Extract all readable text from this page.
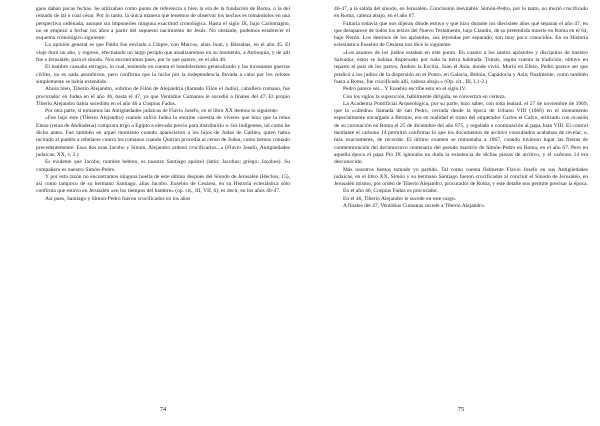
gaos daban pocas fechas. Se utilizaban como punto de referencia o bien la era de la fundación de Roma, o la del reinado de tal o cual césar. Por lo tanto, la única manera que tenemos de observar los hechos es tomándolos en una perspectiva ordenada, aunque sin imponerles ninguna exactitud cronológica. Hasta el siglo IX, bajo Carlomagno, no se empezó a fechar los años a partir del supuesto nacimiento de Jesús. No obstante, podemos establecer el esquema cronológico siguiente:

La opinión general es que Pablo fue enviado a Chipre, con Marcos, alias Juan, y Bársabas, en el año 45. El viaje duró un año, y regresó, efectuando un largo periplo que atualizaremos en su momento, a Antioquía, y de allí fue a Jerusalén, para el sínodo. Nos encontramos pues, por lo que parece, en el año 46.

El hambre causaba estragos, lo cual, teniendo en cuenta el bandolerismo generalizado y las incesantes guerras civiles, no es nada asombroso, pero confirma que la lucha por la independencia llevada a cabo por los celotes simplemente se había extendido.

Ahora bien, Tiberio Alejandro, sobrino de Filón de Alejandría (llamado Filón el Judío), caballero romano, fue procurador en Judea en el año 46, hasta el 47, ya que Ventidius Cumanus le sucedió a finales del 47. El propio Tiberio Alejandro había sucedido en el año 46 a Cuspius Fadus.

Por otra parte, si tomamos las Antigüedades judaicas de Flavio Josefo, en el libro XX leemos lo siguiente:

«Fue bajo éste (Tiberio Alejandro) cuando sufrió Judea la enorme carestía de víveres que hizo que la reina Elena (reina de Abdiadena) comprara trigo a Egipto a elevado precio para distribuirlo a -los indigentes, tal como he dicho antes. Fue también en aquel momento cuando aparecieron a los hijos de Judas de Galilea, quien había incitado al pueblo a rebelarse contra los romanos cuando Quirino procedía al censo de Judea, como hemos contado precedentemente. Esos dos eran Jacobo y Simón. Alejandro ordenó crucificarlos...» (Flavio Josefo, Antigüedades judaicas, XX, v, 2.)

Es evidente que Jacobo, nombre hebreo, es nuestro Santiago apóstol (latín: Jacobus; griego: Jacobos). Su compañero es nuestro Simón-Pedro.

Y por esta razón no encontramos ninguna huella de este último después del Sínodo de Jerusalén (Hechos, 15), así como tampoco de su hermano Santiago, alias Jacobo. Eusebio de Cesárea, en su Historia eclesiástica sólo confirma que estuvo en Jerusalén «en los tiempos del hambre» (op. cit., III, VII, 6), es decir, en los años 46-47.

Así pues, Santiago y Simón-Pedro fueron crucificados en los años

74

46-47, a la salida del sínodo, en Jerusalén. Conclusión inevitable: Simón-Pedro, por lo tanto, no murió crucificado en Roma, cabeza abajo, en el año 67.

Faltaría todavía que nos dijeran dónde estuvo y qué hizo durante los diecisiete años que separan el año 47, en que desaparece de todos los textos del Nuevo Testamento, bajo Claudio, de su pretendida muerte en Roma en el 64, bajo Nerón. Los destinos de los apóstoles, sus leyendas por separado, son muy poco conocidos. En su Historia eclesiástica Eusebio de Cesárea nos dice lo siguiente:

«Los asuntos de los judíos estaban en este punto. En cuanto a los santos apóstoles y discípulos de nuestro Salvador, éstos se habían dispersado por toda la tierra habitada. Tomás, según cuenta la tradición, obtuvo en reparto el país de los partos, Andrés la Escitia, Juan el Asia, donde vivió. Murió en Efeso. Pedro parece ser que predicó a los judíos de la dispersión en el Ponto, en Galacia, Bitinia, Capadocia y Asia; finalmente, como también fuera a Roma, fue crucificado allí, cabeza abajo.» (Op. cit., III, I,1-2.)

Pedro parece ser... Y Eusebio escribe esto en el siglo IV.

Con los siglos la suposición, hábilmente dirigida, se convertirá en certeza.

La Academia Pontificial Arqueológica, por su parte, hizo saber, con toda lealtad, el 27 de noviembre de 1969, que la «cátedra» llamada de san Pedro, cerrada desde la época de Urbano VIII (1666) en el monumento especialmente encargado a Bernini, era en realidad el trono del emperador Carlos el Calvo, utilizado con ocasión de su coronación en Roma el 25 de diciembre del año 875, y regalado a continuación al papa Juan VIII. El control mediante el carbono 14 permitió confirmar lo que los documentos de archivo consultados acababan de revelar, o, más exactamente, de recordar. El último examen se remontaba a 1867, cuando tuvieron lugar las fiestas de conmemoración del decimoctavo centenario del pseudo martirio de Simón-Pedro en Roma, en el año 67. Pero en aquella época el papa Pío IX ignoraba un duda la existencia de dichas piezas de archivo, y el carbono 14 era desconocido.

Más nosotros hemos tomado yo partido. Tal como cuenta fielmente Flavio Josefo en sus Antigüedades judaicas, en el libro XX, Simón y su hermano Santiago fueron crucificados al concluir el Sínodo de Jerusalén, en Jerusalén mismo, por orden de Tiberio Alejandro, procurador de Roma, y este detalle nos permite precisar la época.

En el año 46, Cuspius Fadus es procurador.

En el 46, Tiberio Alejandro le sucede en este cargo.

A finales del 47, Ventidius Cumanus sucede a Tiberio Alejandro.

75
